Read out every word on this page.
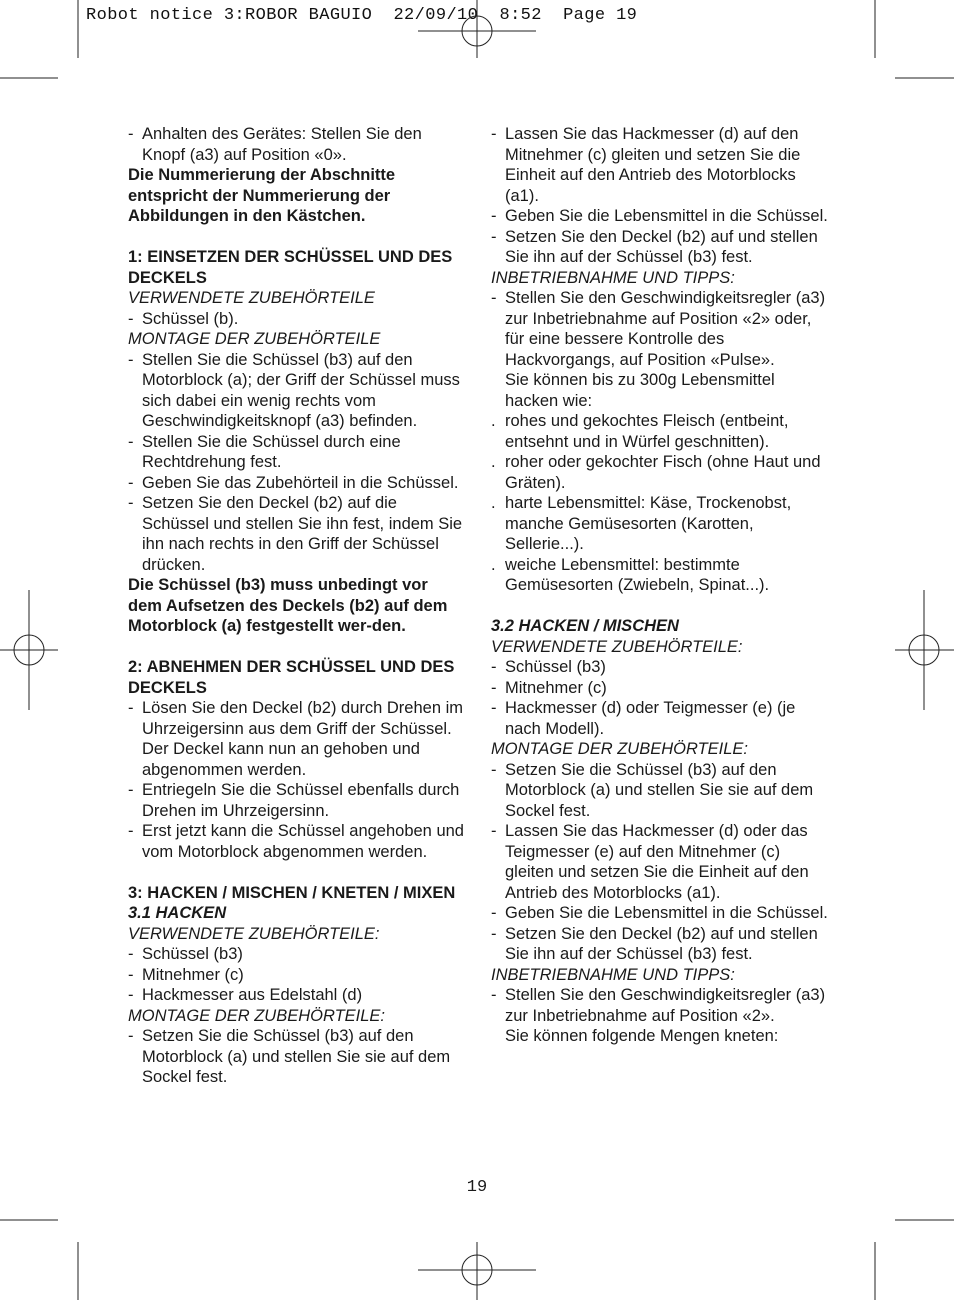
Robot notice 3:ROBOR BAGUIO  22/09/10  8:52  Page 19

- Anhalten des Gerätes: Stellen Sie den Knopf (a3) auf Position «0».

Die Nummerierung der Abschnitte entspricht der Nummerierung der Abbildungen in den Kästchen.

1: EINSETZEN DER SCHÜSSEL UND DES DECKELS

VERWENDETE ZUBEHÖRTEILE

- Schüssel (b).

MONTAGE DER ZUBEHÖRTEILE

- Stellen Sie die Schüssel (b3) auf den Motorblock (a); der Griff der Schüssel muss sich dabei ein wenig rechts vom Geschwindigkeitsknopf (a3) befinden.

- Stellen Sie die Schüssel durch eine Rechtdrehung fest.

- Geben Sie das Zubehörteil in die Schüssel.

- Setzen Sie den Deckel (b2) auf die Schüssel und stellen Sie ihn fest, indem Sie ihn nach rechts in den Griff der Schüssel drücken.

Die Schüssel (b3) muss unbedingt vor dem Aufsetzen des Deckels (b2) auf dem Motorblock (a) festgestellt wer-den.

2: ABNEHMEN DER SCHÜSSEL UND DES DECKELS

- Lösen Sie den Deckel (b2) durch Drehen im Uhrzeigersinn aus dem Griff der Schüssel. Der Deckel kann nun an gehoben und abgenommen werden.

- Entriegeln Sie die Schüssel ebenfalls durch Drehen im Uhrzeigersinn.

- Erst jetzt kann die Schüssel angehoben und vom Motorblock abgenommen werden.

3: HACKEN / MISCHEN / KNETEN / MIXEN

3.1 HACKEN

VERWENDETE ZUBEHÖRTEILE:

- Schüssel (b3)

- Mitnehmer (c)

- Hackmesser aus Edelstahl (d)

MONTAGE DER ZUBEHÖRTEILE:

- Setzen Sie die Schüssel (b3) auf den Motorblock (a) und stellen Sie sie auf dem Sockel fest.

- Lassen Sie das Hackmesser (d) auf den Mitnehmer (c) gleiten und setzen Sie die Einheit auf den Antrieb des Motorblocks (a1).

- Geben Sie die Lebensmittel in die Schüssel.

- Setzen Sie den Deckel (b2) auf und stellen Sie ihn auf der Schüssel (b3) fest.

INBETRIEBNAHME UND TIPPS:

- Stellen Sie den Geschwindigkeitsregler (a3) zur Inbetriebnahme auf Position «2» oder, für eine bessere Kontrolle des Hackvorgangs, auf Position «Pulse».

Sie können bis zu 300g Lebensmittel hacken wie:

. rohes und gekochtes Fleisch (entbeint, entsehnt und in Würfel geschnitten).

. roher oder gekochter Fisch (ohne Haut und Gräten).

. harte Lebensmittel: Käse, Trockenobst, manche Gemüsesorten (Karotten, Sellerie...).

. weiche Lebensmittel: bestimmte Gemüsesorten (Zwiebeln, Spinat...).

3.2 HACKEN / MISCHEN

VERWENDETE ZUBEHÖRTEILE:

- Schüssel (b3)

- Mitnehmer (c)

- Hackmesser (d) oder Teigmesser (e) (je nach Modell).

MONTAGE DER ZUBEHÖRTEILE:

- Setzen Sie die Schüssel (b3) auf den Motorblock (a) und stellen Sie sie auf dem Sockel fest.

- Lassen Sie das Hackmesser (d) oder das Teigmesser (e) auf den Mitnehmer (c) gleiten und setzen Sie die Einheit auf den Antrieb des Motorblocks (a1).

- Geben Sie die Lebensmittel in die Schüssel.

- Setzen Sie den Deckel (b2) auf und stellen Sie ihn auf der Schüssel (b3) fest.

INBETRIEBNAHME UND TIPPS:

- Stellen Sie den Geschwindigkeitsregler (a3) zur Inbetriebnahme auf Position «2».

Sie können folgende Mengen kneten:

19
